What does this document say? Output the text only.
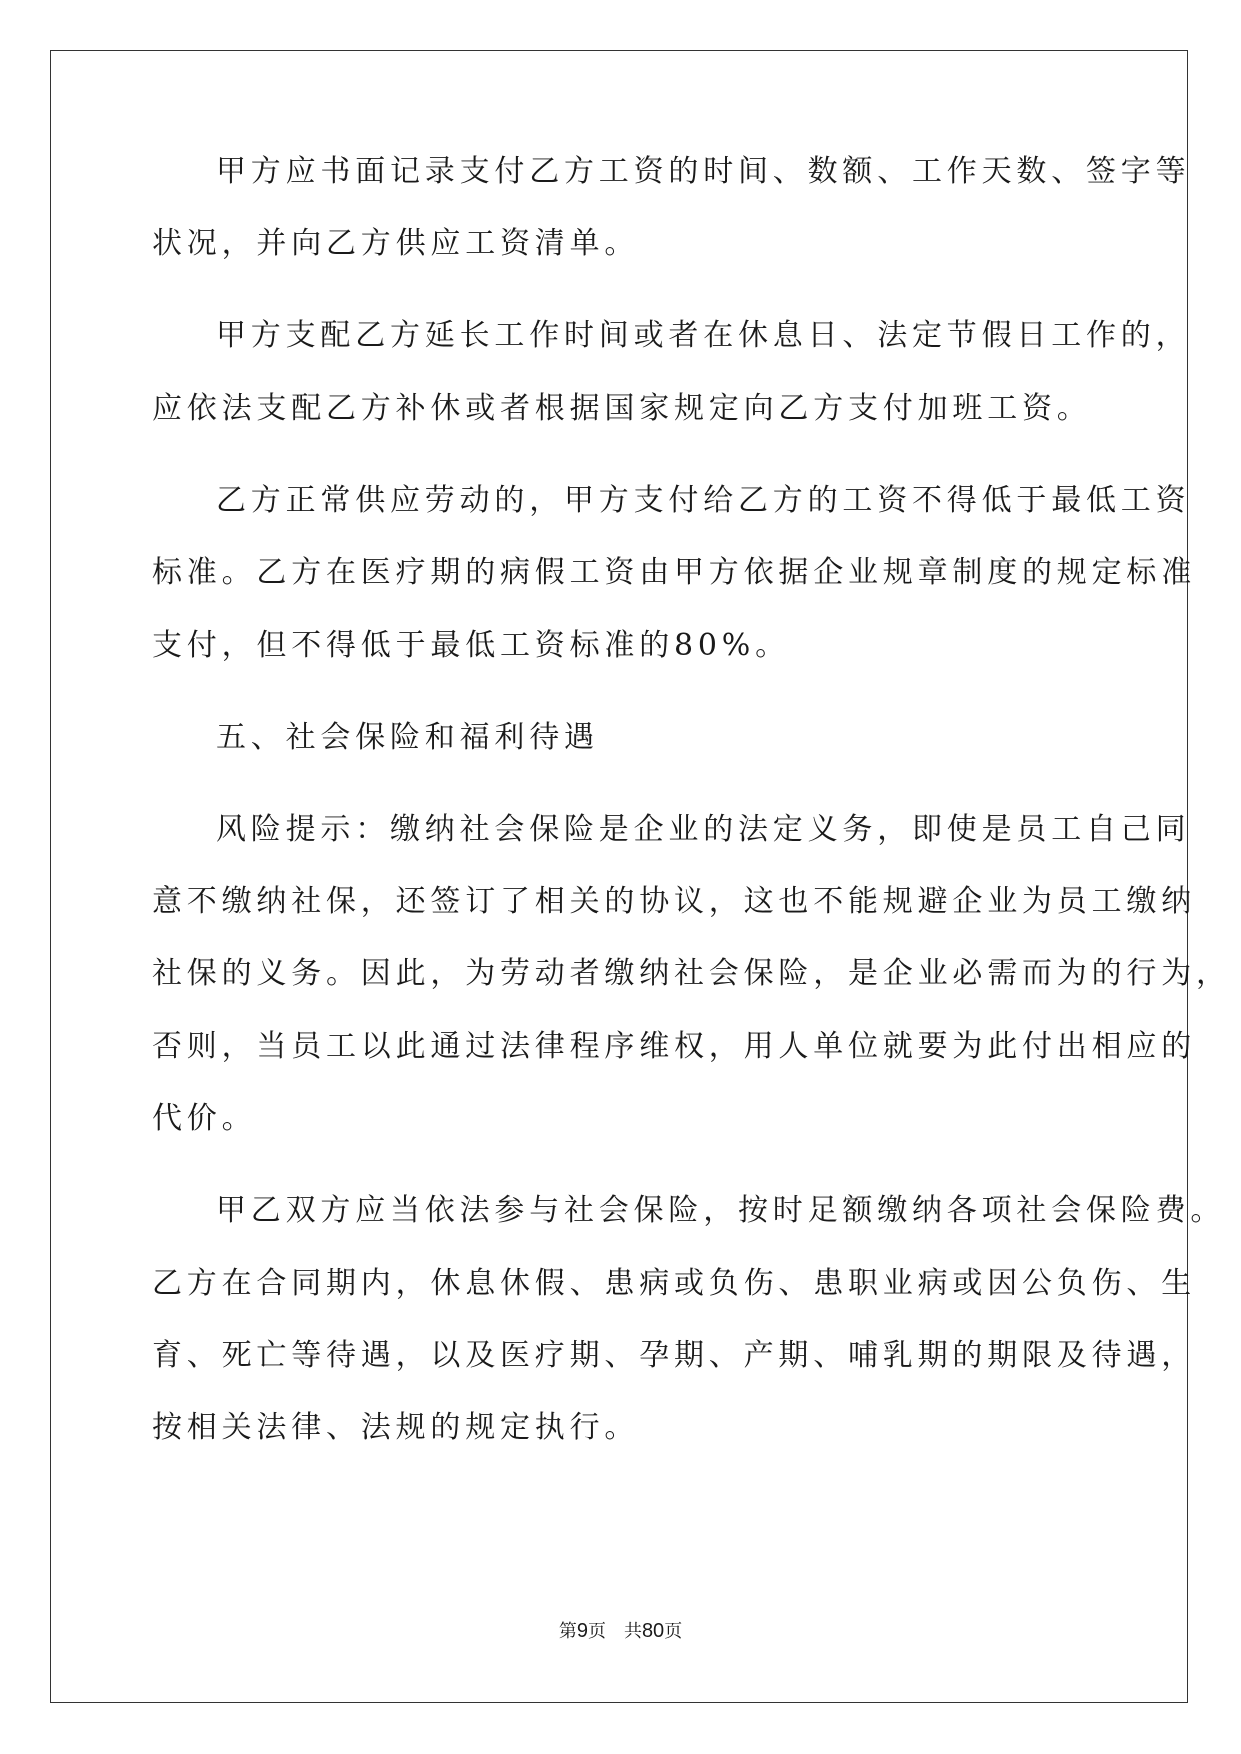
甲方应书面记录支付乙方工资的时间、数额、工作天数、签字等
状况，并向乙方供应工资清单。
甲方支配乙方延长工作时间或者在休息日、法定节假日工作的，
应依法支配乙方补休或者根据国家规定向乙方支付加班工资。
乙方正常供应劳动的，甲方支付给乙方的工资不得低于最低工资
标准。乙方在医疗期的病假工资由甲方依据企业规章制度的规定标准
支付，但不得低于最低工资标准的80%。
五、社会保险和福利待遇
风险提示：缴纳社会保险是企业的法定义务，即使是员工自己同
意不缴纳社保，还签订了相关的协议，这也不能规避企业为员工缴纳
社保的义务。因此，为劳动者缴纳社会保险，是企业必需而为的行为，
否则，当员工以此通过法律程序维权，用人单位就要为此付出相应的
代价。
甲乙双方应当依法参与社会保险，按时足额缴纳各项社会保险费。
乙方在合同期内，休息休假、患病或负伤、患职业病或因公负伤、生
育、死亡等待遇，以及医疗期、孕期、产期、哺乳期的期限及待遇，
按相关法律、法规的规定执行。
第9页 共80页
